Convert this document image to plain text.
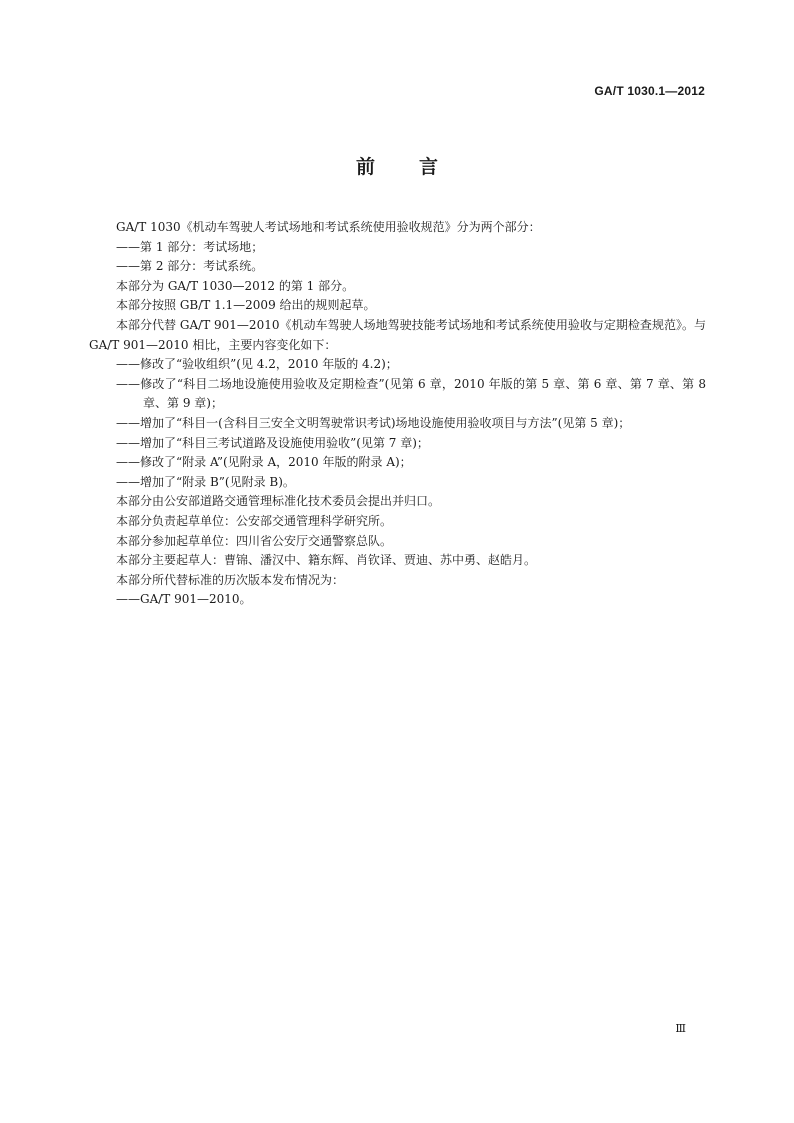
GA/T 1030.1—2012
前言

GA/T 1030《机动车驾驶人考试场地和考试系统使用验收规范》分为两个部分：

——第 1 部分：考试场地；

——第 2 部分：考试系统。

本部分为 GA/T 1030—2012 的第 1 部分。

本部分按照 GB/T 1.1—2009 给出的规则起草。

本部分代替 GA/T 901—2010《机动车驾驶人场地驾驶技能考试场地和考试系统使用验收与定期检查规范》。与 GA/T 901—2010 相比，主要内容变化如下：

——修改了“验收组织”(见 4.2，2010 年版的 4.2)；

——修改了“科目二场地设施使用验收及定期检查”(见第 6 章，2010 年版的第 5 章、第 6 章、第 7 章、第 8 章、第 9 章)；

——增加了“科目一(含科目三安全文明驾驶常识考试)场地设施使用验收项目与方法”(见第 5 章)；

——增加了“科目三考试道路及设施使用验收”(见第 7 章)；

——修改了“附录 A”(见附录 A，2010 年版的附录 A)；

——增加了“附录 B”(见附录 B)。

本部分由公安部道路交通管理标准化技术委员会提出并归口。

本部分负责起草单位：公安部交通管理科学研究所。

本部分参加起草单位：四川省公安厅交通警察总队。

本部分主要起草人：曹锦、潘汉中、籍东辉、肖钦译、贾迪、苏中勇、赵皓月。

本部分所代替标准的历次版本发布情况为：

——GA/T 901—2010。

Ⅲ
